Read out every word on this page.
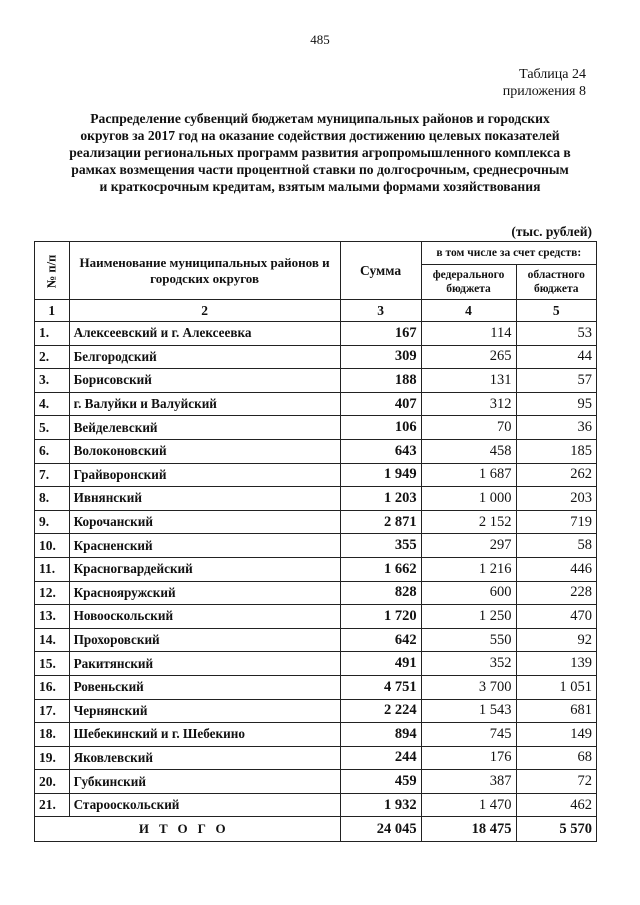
485
Таблица 24
приложения 8
Распределение субвенций бюджетам муниципальных районов и городских
округов за 2017 год на оказание содействия достижению целевых показателей
реализации региональных программ развития агропромышленного комплекса в
рамках возмещения части процентной ставки по долгосрочным, среднесрочным
и краткосрочным кредитам, взятым малыми формами хозяйствования
(тыс. рублей)
№ п/п	Наименование муниципальных районов и городских округов	Сумма	в том числе за счет средств:	
			федерального бюджета	областного бюджета
1	2	3	4	5
1.	Алексеевский и г. Алексеевка	167	114	53
2.	Белгородский	309	265	44
3.	Борисовский	188	131	57
4.	г. Валуйки и Валуйский	407	312	95
5.	Вейделевский	106	70	36
6.	Волоконовский	643	458	185
7.	Грайворонский	1 949	1 687	262
8.	Ивнянский	1 203	1 000	203
9.	Корочанский	2 871	2 152	719
10.	Красненский	355	297	58
11.	Красногвардейский	1 662	1 216	446
12.	Краснояружский	828	600	228
13.	Новооскольский	1 720	1 250	470
14.	Прохоровский	642	550	92
15.	Ракитянский	491	352	139
16.	Ровеньский	4 751	3 700	1 051
17.	Чернянский	2 224	1 543	681
18.	Шебекинский и г. Шебекино	894	745	149
19.	Яковлевский	244	176	68
20.	Губкинский	459	387	72
21.	Старооскольский	1 932	1 470	462
ИТОГО		24 045	18 475	5 570
